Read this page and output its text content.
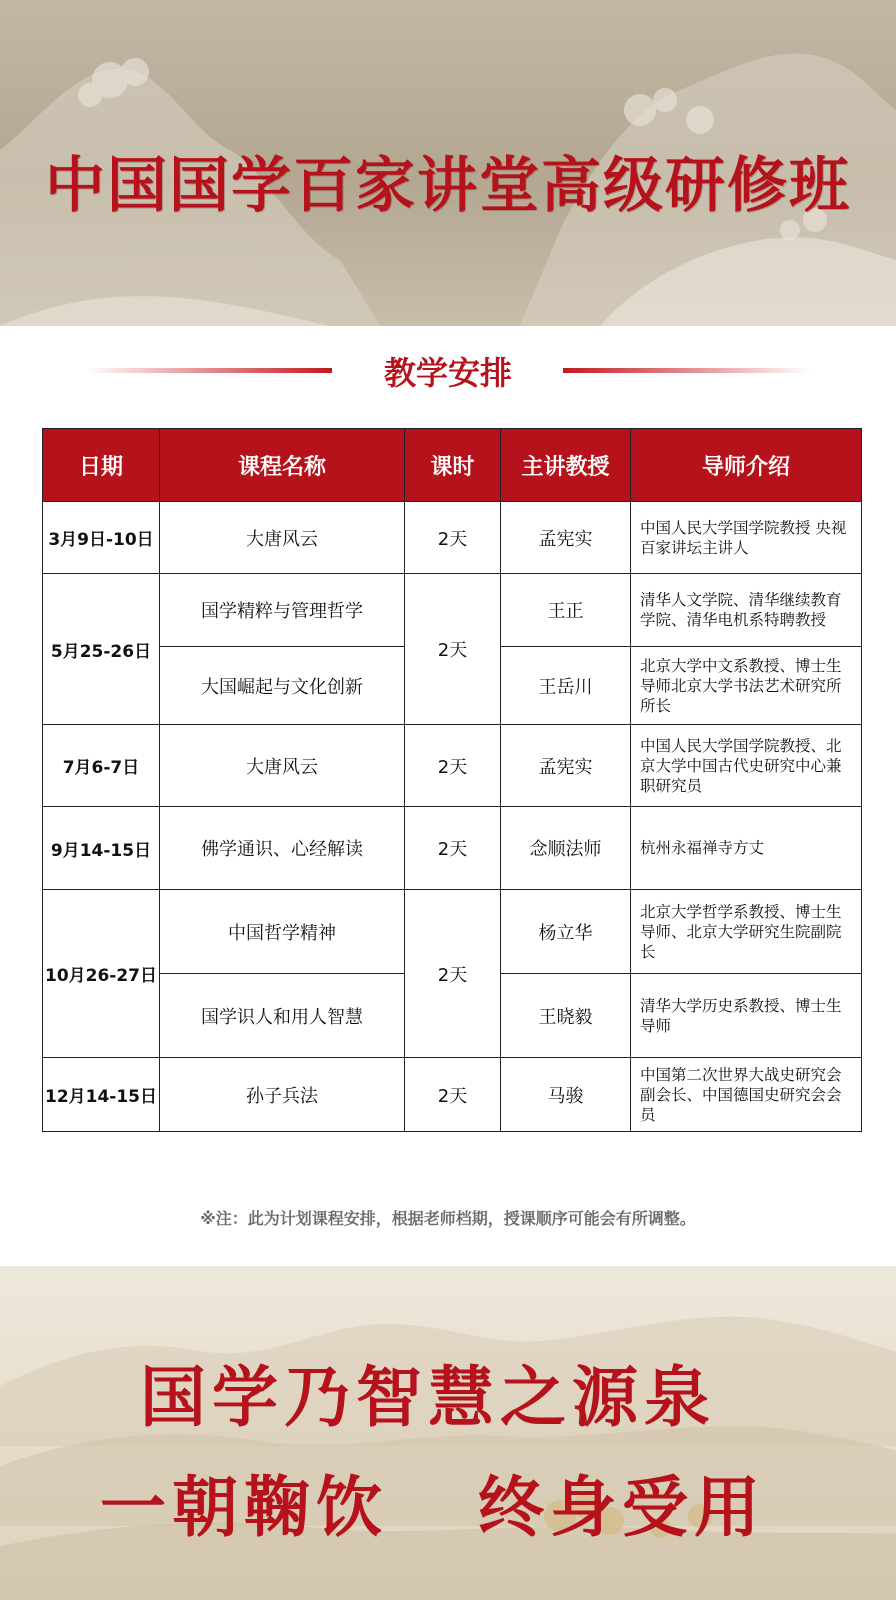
中国国学百家讲堂高级研修班
教学安排
日期	课程名称	课时	主讲教授	导师介绍
3月9日-10日	大唐风云	2天	孟宪实	中国人民大学国学院教授 央视百家讲坛主讲人
5月25-26日	国学精粹与管理哲学	2天	王正	清华人文学院、清华继续教育学院、清华电机系特聘教授
	大国崛起与文化创新		王岳川	北京大学中文系教授、博士生导师北京大学书法艺术研究所所长
7月6-7日	大唐风云	2天	孟宪实	中国人民大学国学院教授、北京大学中国古代史研究中心兼职研究员
9月14-15日	佛学通识、心经解读	2天	念顺法师	杭州永福禅寺方丈
10月26-27日	中国哲学精神	2天	杨立华	北京大学哲学系教授、博士生导师、北京大学研究生院副院长
	国学识人和用人智慧		王晓毅	清华大学历史系教授、博士生导师
12月14-15日	孙子兵法	2天	马骏	中国第二次世界大战史研究会副会长、中国德国史研究会会员
※注：此为计划课程安排，根据老师档期，授课顺序可能会有所调整。
国学乃智慧之源泉
一朝鞠饮 终身受用
